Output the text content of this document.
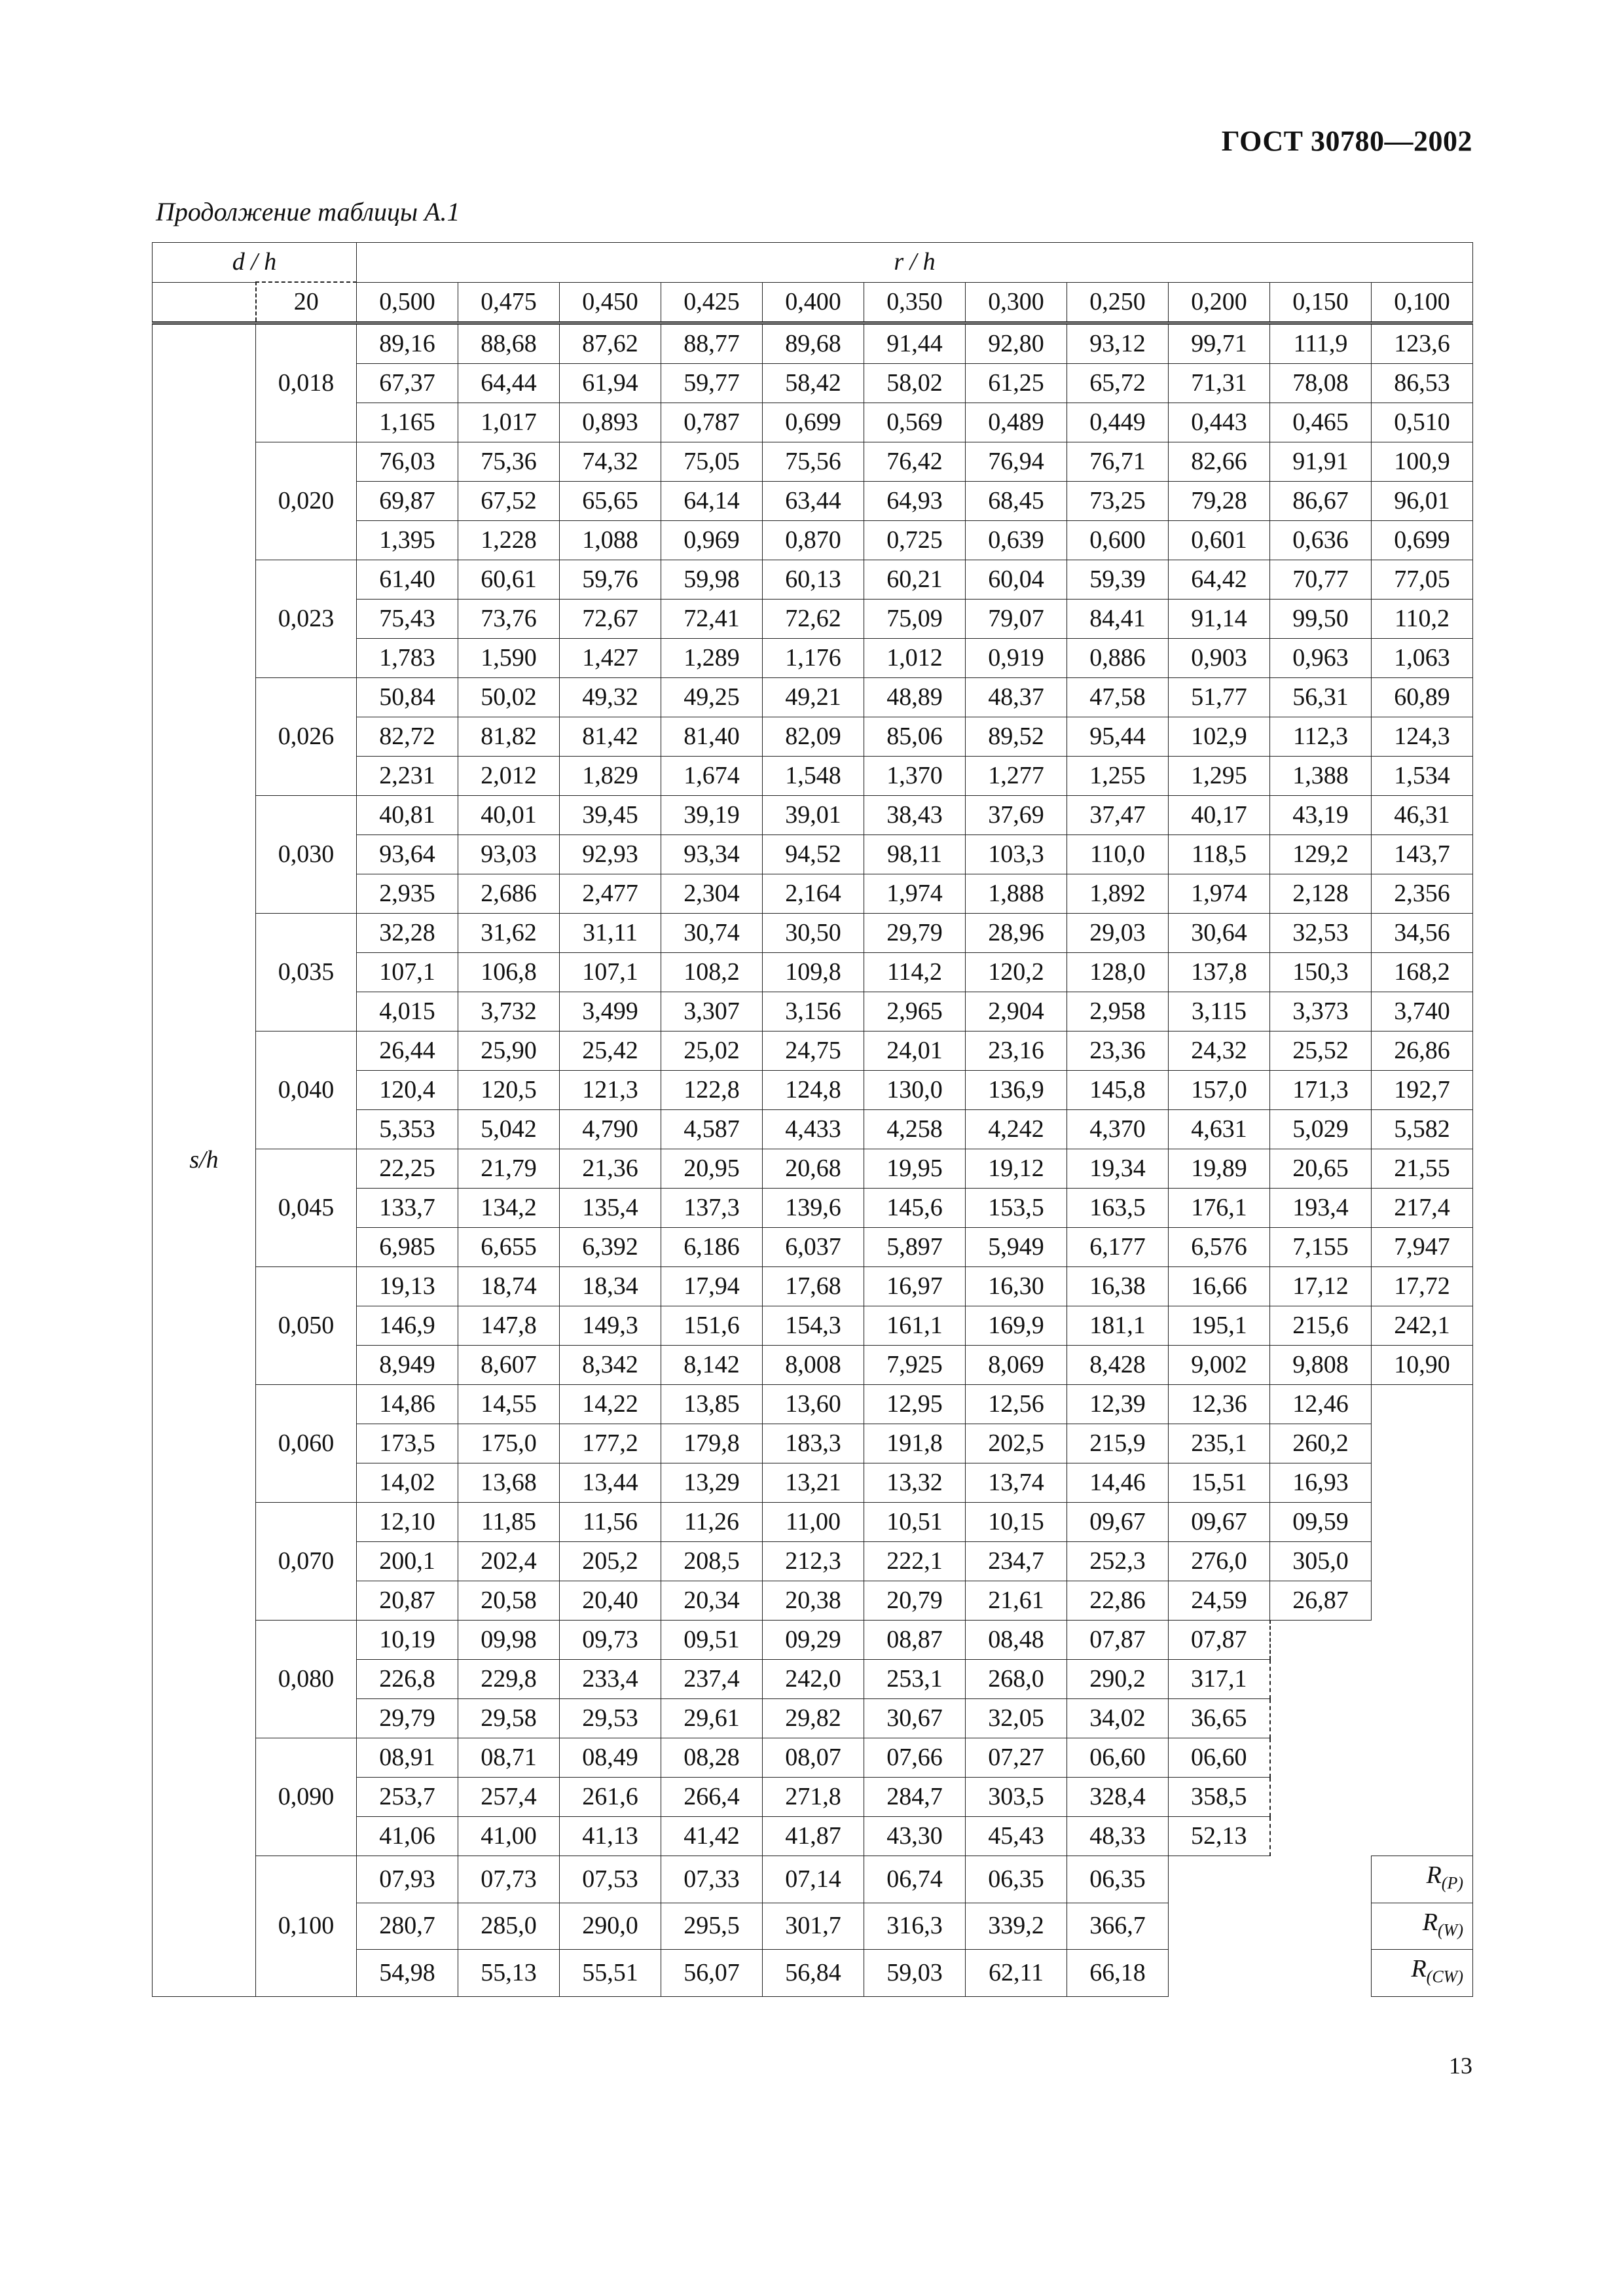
ГОСТ 30780—2002
Продолжение таблицы А.1
d / h		r / h										
	20	0,500	0,475	0,450	0,425	0,400	0,350	0,300	0,250	0,200	0,150	0,100
s/h	0,018	89,16	88,68	87,62	88,77	89,68	91,44	92,80	93,12	99,71	111,9	123,6
		67,37	64,44	61,94	59,77	58,42	58,02	61,25	65,72	71,31	78,08	86,53
		1,165	1,017	0,893	0,787	0,699	0,569	0,489	0,449	0,443	0,465	0,510
	0,020	76,03	75,36	74,32	75,05	75,56	76,42	76,94	76,71	82,66	91,91	100,9
		69,87	67,52	65,65	64,14	63,44	64,93	68,45	73,25	79,28	86,67	96,01
		1,395	1,228	1,088	0,969	0,870	0,725	0,639	0,600	0,601	0,636	0,699
	0,023	61,40	60,61	59,76	59,98	60,13	60,21	60,04	59,39	64,42	70,77	77,05
		75,43	73,76	72,67	72,41	72,62	75,09	79,07	84,41	91,14	99,50	110,2
		1,783	1,590	1,427	1,289	1,176	1,012	0,919	0,886	0,903	0,963	1,063
	0,026	50,84	50,02	49,32	49,25	49,21	48,89	48,37	47,58	51,77	56,31	60,89
		82,72	81,82	81,42	81,40	82,09	85,06	89,52	95,44	102,9	112,3	124,3
		2,231	2,012	1,829	1,674	1,548	1,370	1,277	1,255	1,295	1,388	1,534
	0,030	40,81	40,01	39,45	39,19	39,01	38,43	37,69	37,47	40,17	43,19	46,31
		93,64	93,03	92,93	93,34	94,52	98,11	103,3	110,0	118,5	129,2	143,7
		2,935	2,686	2,477	2,304	2,164	1,974	1,888	1,892	1,974	2,128	2,356
	0,035	32,28	31,62	31,11	30,74	30,50	29,79	28,96	29,03	30,64	32,53	34,56
		107,1	106,8	107,1	108,2	109,8	114,2	120,2	128,0	137,8	150,3	168,2
		4,015	3,732	3,499	3,307	3,156	2,965	2,904	2,958	3,115	3,373	3,740
	0,040	26,44	25,90	25,42	25,02	24,75	24,01	23,16	23,36	24,32	25,52	26,86
		120,4	120,5	121,3	122,8	124,8	130,0	136,9	145,8	157,0	171,3	192,7
		5,353	5,042	4,790	4,587	4,433	4,258	4,242	4,370	4,631	5,029	5,582
	0,045	22,25	21,79	21,36	20,95	20,68	19,95	19,12	19,34	19,89	20,65	21,55
		133,7	134,2	135,4	137,3	139,6	145,6	153,5	163,5	176,1	193,4	217,4
		6,985	6,655	6,392	6,186	6,037	5,897	5,949	6,177	6,576	7,155	7,947
	0,050	19,13	18,74	18,34	17,94	17,68	16,97	16,30	16,38	16,66	17,12	17,72
		146,9	147,8	149,3	151,6	154,3	161,1	169,9	181,1	195,1	215,6	242,1
		8,949	8,607	8,342	8,142	8,008	7,925	8,069	8,428	9,002	9,808	10,90
	0,060	14,86	14,55	14,22	13,85	13,60	12,95	12,56	12,39	12,36	12,46	
		173,5	175,0	177,2	179,8	183,3	191,8	202,5	215,9	235,1	260,2	
		14,02	13,68	13,44	13,29	13,21	13,32	13,74	14,46	15,51	16,93	
	0,070	12,10	11,85	11,56	11,26	11,00	10,51	10,15	09,67	09,67	09,59	
		200,1	202,4	205,2	208,5	212,3	222,1	234,7	252,3	276,0	305,0	
		20,87	20,58	20,40	20,34	20,38	20,79	21,61	22,86	24,59	26,87	
	0,080	10,19	09,98	09,73	09,51	09,29	08,87	08,48	07,87	07,87		
		226,8	229,8	233,4	237,4	242,0	253,1	268,0	290,2	317,1		
		29,79	29,58	29,53	29,61	29,82	30,67	32,05	34,02	36,65		
	0,090	08,91	08,71	08,49	08,28	08,07	07,66	07,27	06,60	06,60		
		253,7	257,4	261,6	266,4	271,8	284,7	303,5	328,4	358,5		
		41,06	41,00	41,13	41,42	41,87	43,30	45,43	48,33	52,13		
	0,100	07,93	07,73	07,53	07,33	07,14	06,74	06,35	06,35			$R_{(P)}$
		280,7	285,0	290,0	295,5	301,7	316,3	339,2	366,7			$R_{(W)}$
		54,98	55,13	55,51	56,07	56,84	59,03	62,11	66,18			$R_{(CW)}$
13
